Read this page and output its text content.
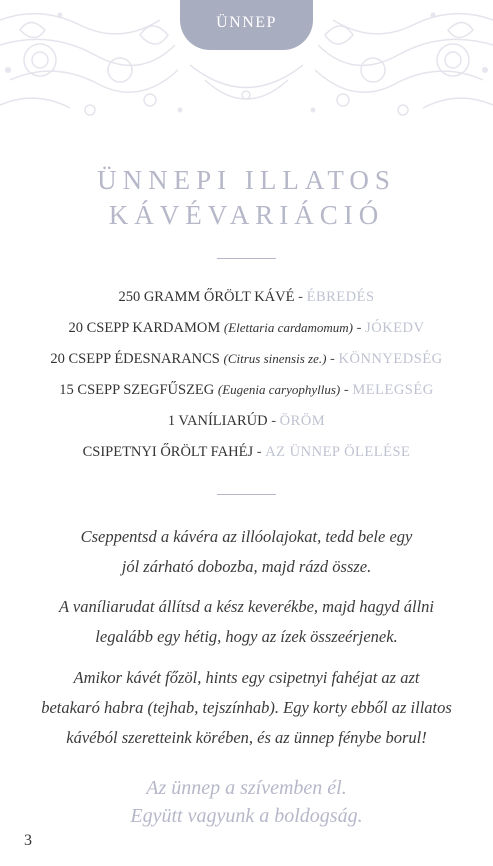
ÜNNEP
ÜNNEPI ILLATOS
KÁVÉVARIÁCIÓ
250 GRAMM ŐRÖLT KÁVÉ - ÉBREDÉS
20 CSEPP KARDAMOM (Elettaria cardamomum) - JÓKEDV
20 CSEPP ÉDESNARANCS (Citrus sinensis ze.) - KÖNNYEDSÉG
15 CSEPP SZEGFŰSZEG (Eugenia caryophyllus) - MELEGSÉG
1 VANÍLIARÚD - ÖRÖM
CSIPETNYI ŐRÖLT FAHÉJ - AZ ÜNNEP ÖLELÉSE
Cseppentsd a kávéra az illóolajokat, tedd bele egy
jól zárható dobozba, majd rázd össze.
A vaníliarudat állítsd a kész keverékbe, majd hagyd állni
legalább egy hétig, hogy az ízek összeérjenek.
Amikor kávét főzöl, hints egy csipetnyi fahéjat az azt
betakaró habra (tejhab, tejszínhab). Egy korty ebből az illatos
kávéból szeretteink körében, és az ünnep fénybe borul!
Az ünnep a szívemben él.
Együtt vagyunk a boldogság.
3
